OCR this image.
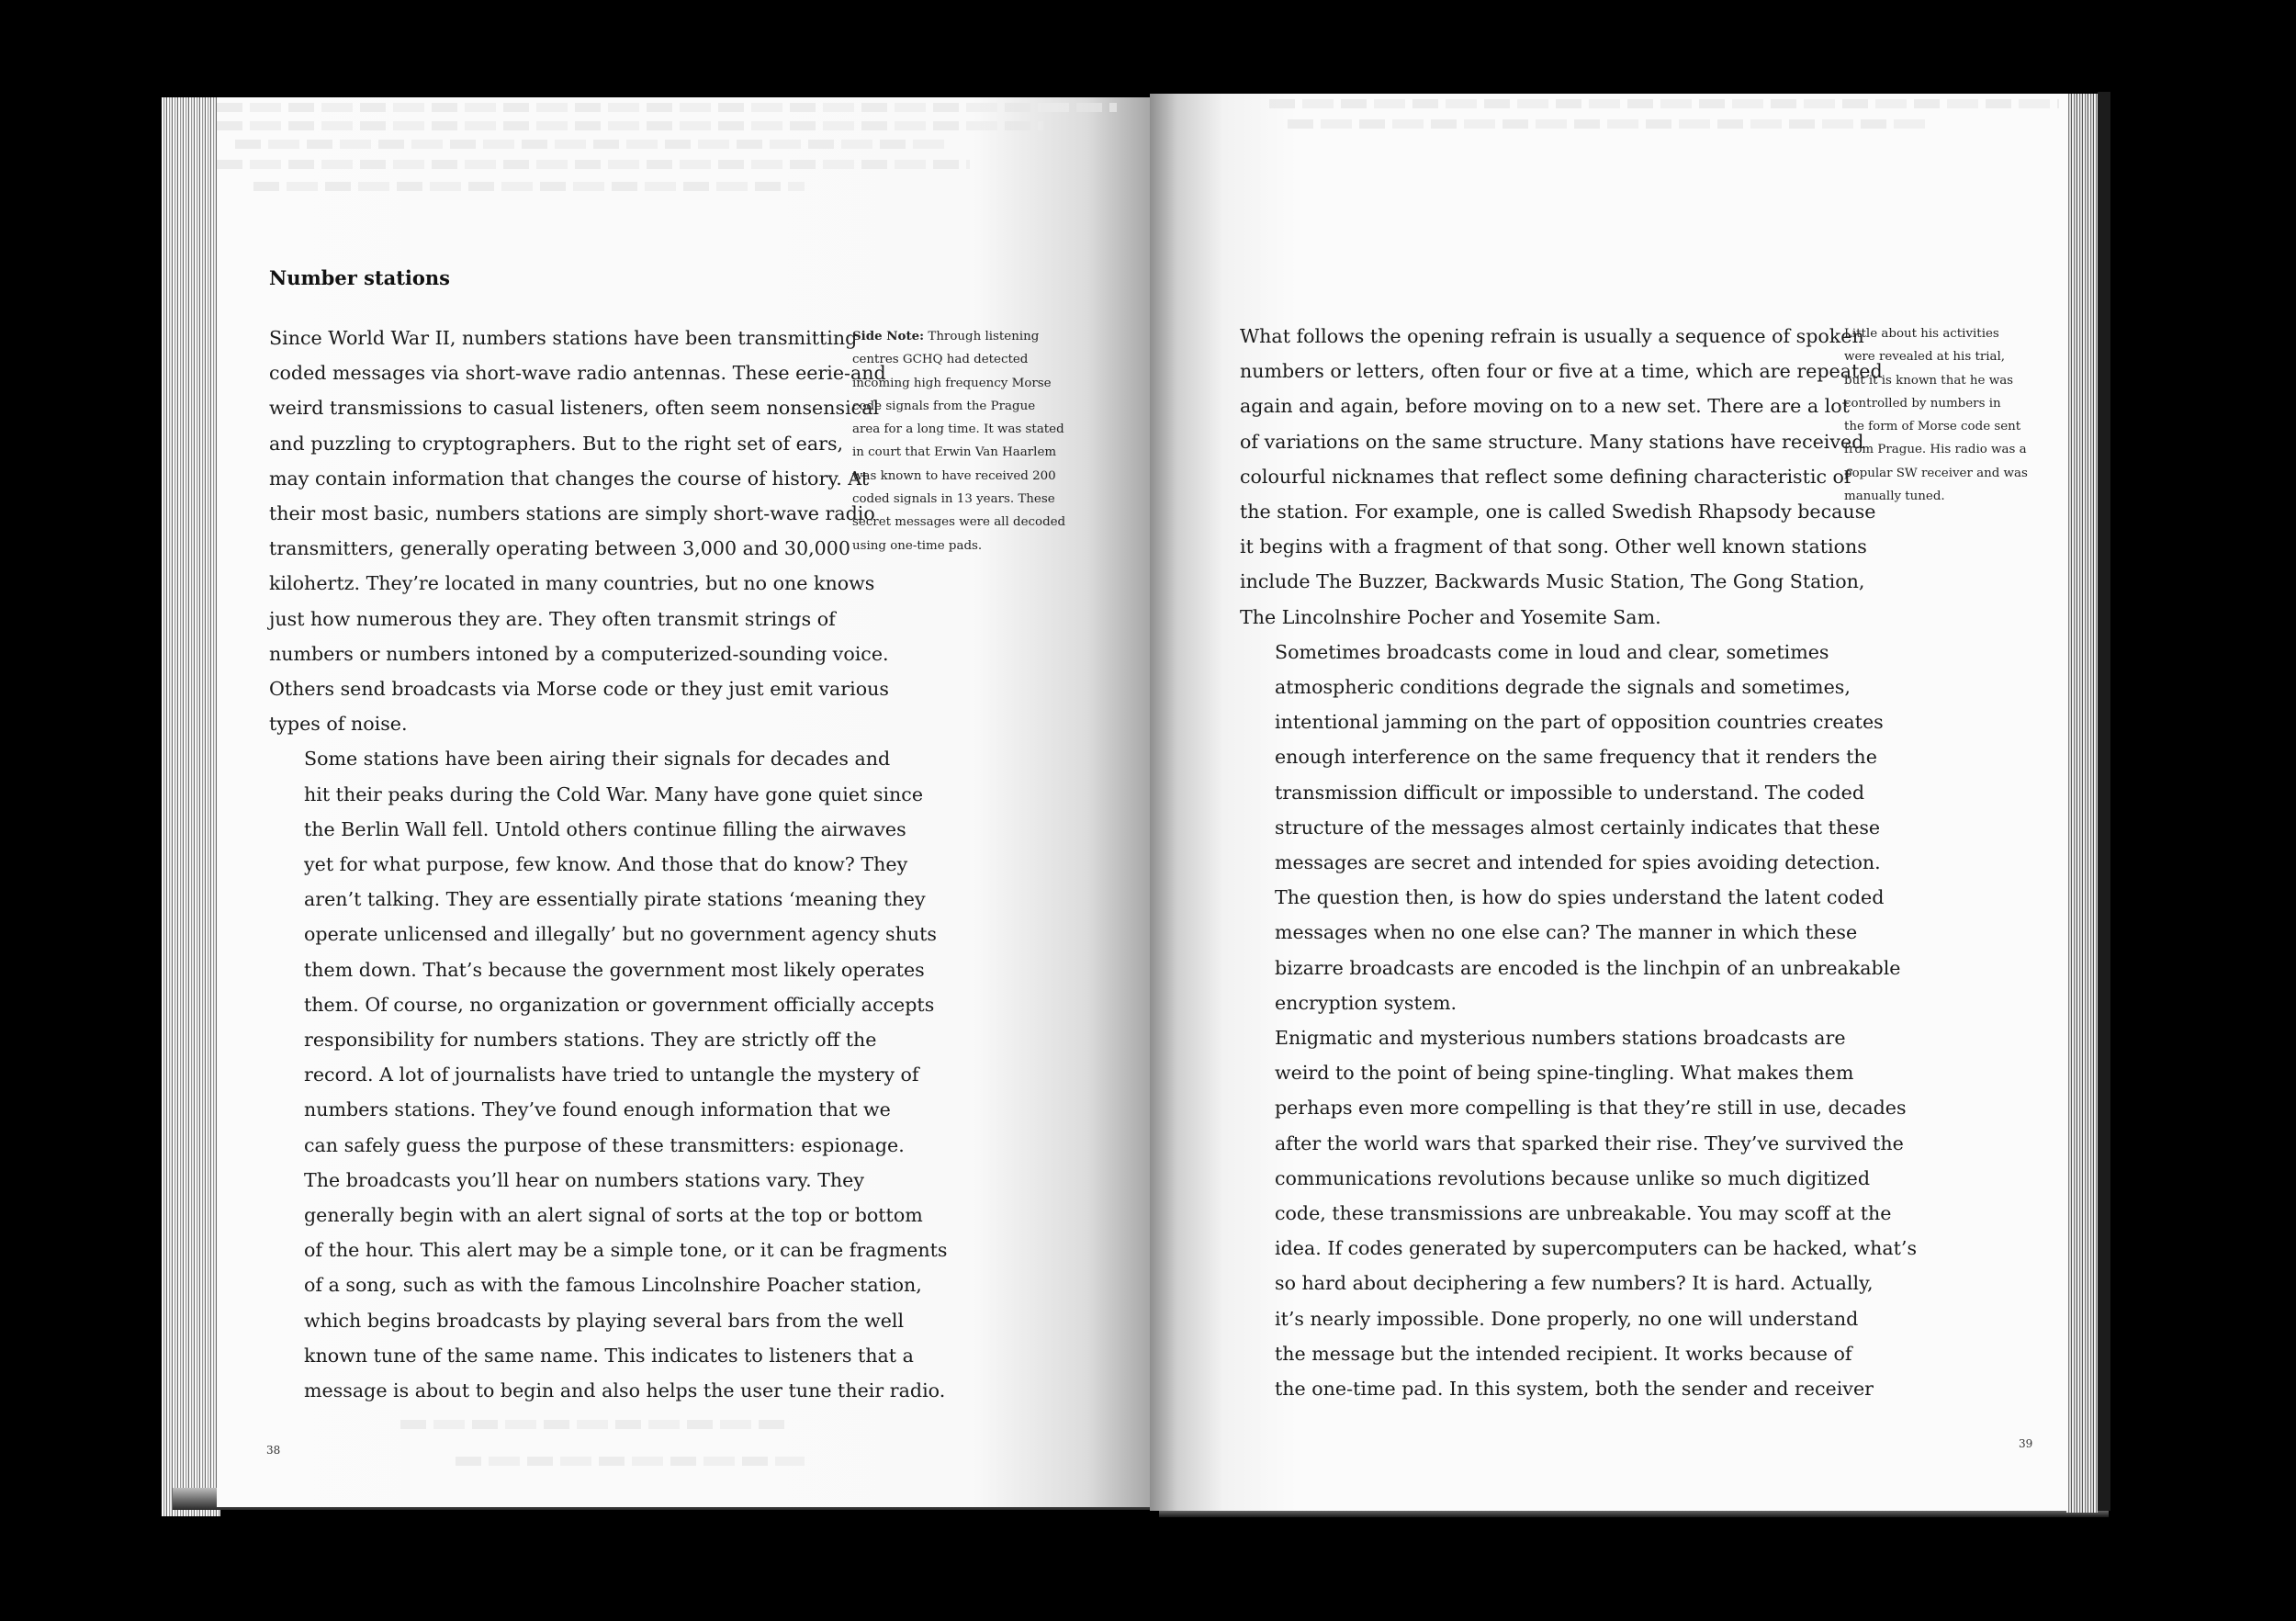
Number stations

Since World War II, numbers stations have been transmitting
coded messages via short-wave radio antennas. These eerie-and
weird transmissions to casual listeners, often seem nonsensical
and puzzling to cryptographers. But to the right set of ears,
may contain information that changes the course of history. At
their most basic, numbers stations are simply short-wave radio
transmitters, generally operating between 3,000 and 30,000
kilohertz. They’re located in many countries, but no one knows
just how numerous they are. They often transmit strings of
numbers or numbers intoned by a computerized-sounding voice.
Others send broadcasts via Morse code or they just emit various
types of noise.

Some stations have been airing their signals for decades and
hit their peaks during the Cold War. Many have gone quiet since
the Berlin Wall fell. Untold others continue filling the airwaves
yet for what purpose, few know. And those that do know? They
aren’t talking. They are essentially pirate stations ‘meaning they
operate unlicensed and illegally’ but no government agency shuts
them down. That’s because the government most likely operates
them. Of course, no organization or government officially accepts
responsibility for numbers stations. They are strictly off the
record. A lot of journalists have tried to untangle the mystery of
numbers stations. They’ve found enough information that we
can safely guess the purpose of these transmitters: espionage.

The broadcasts you’ll hear on numbers stations vary. They
generally begin with an alert signal of sorts at the top or bottom
of the hour. This alert may be a simple tone, or it can be fragments
of a song, such as with the famous Lincolnshire Poacher station,
which begins broadcasts by playing several bars from the well
known tune of the same name. This indicates to listeners that a
message is about to begin and also helps the user tune their radio.

Side Note: Through listening
centres GCHQ had detected
incoming high frequency Morse
code signals from the Prague
area for a long time. It was stated
in court that Erwin Van Haarlem
was known to have received 200
coded signals in 13 years. These
secret messages were all decoded
using one-time pads.
38

What follows the opening refrain is usually a sequence of spoken
numbers or letters, often four or five at a time, which are repeated
again and again, before moving on to a new set. There are a lot
of variations on the same structure. Many stations have received
colourful nicknames that reflect some defining characteristic of
the station. For example, one is called Swedish Rhapsody because
it begins with a fragment of that song. Other well known stations
include The Buzzer, Backwards Music Station, The Gong Station,
The Lincolnshire Pocher and Yosemite Sam.

Sometimes broadcasts come in loud and clear, sometimes
atmospheric conditions degrade the signals and sometimes,
intentional jamming on the part of opposition countries creates
enough interference on the same frequency that it renders the
transmission difficult or impossible to understand. The coded
structure of the messages almost certainly indicates that these
messages are secret and intended for spies avoiding detection.
The question then, is how do spies understand the latent coded
messages when no one else can? The manner in which these
bizarre broadcasts are encoded is the linchpin of an unbreakable
encryption system.

Enigmatic and mysterious numbers stations broadcasts are
weird to the point of being spine-tingling. What makes them
perhaps even more compelling is that they’re still in use, decades
after the world wars that sparked their rise. They’ve survived the
communications revolutions because unlike so much digitized
code, these transmissions are unbreakable. You may scoff at the
idea. If codes generated by supercomputers can be hacked, what’s
so hard about deciphering a few numbers? It is hard. Actually,
it’s nearly impossible. Done properly, no one will understand
the message but the intended recipient. It works because of
the one-time pad. In this system, both the sender and receiver

Little about his activities
were revealed at his trial,
but it is known that he was
controlled by numbers in
the form of Morse code sent
from Prague. His radio was a
popular SW receiver and was
manually tuned.
39
